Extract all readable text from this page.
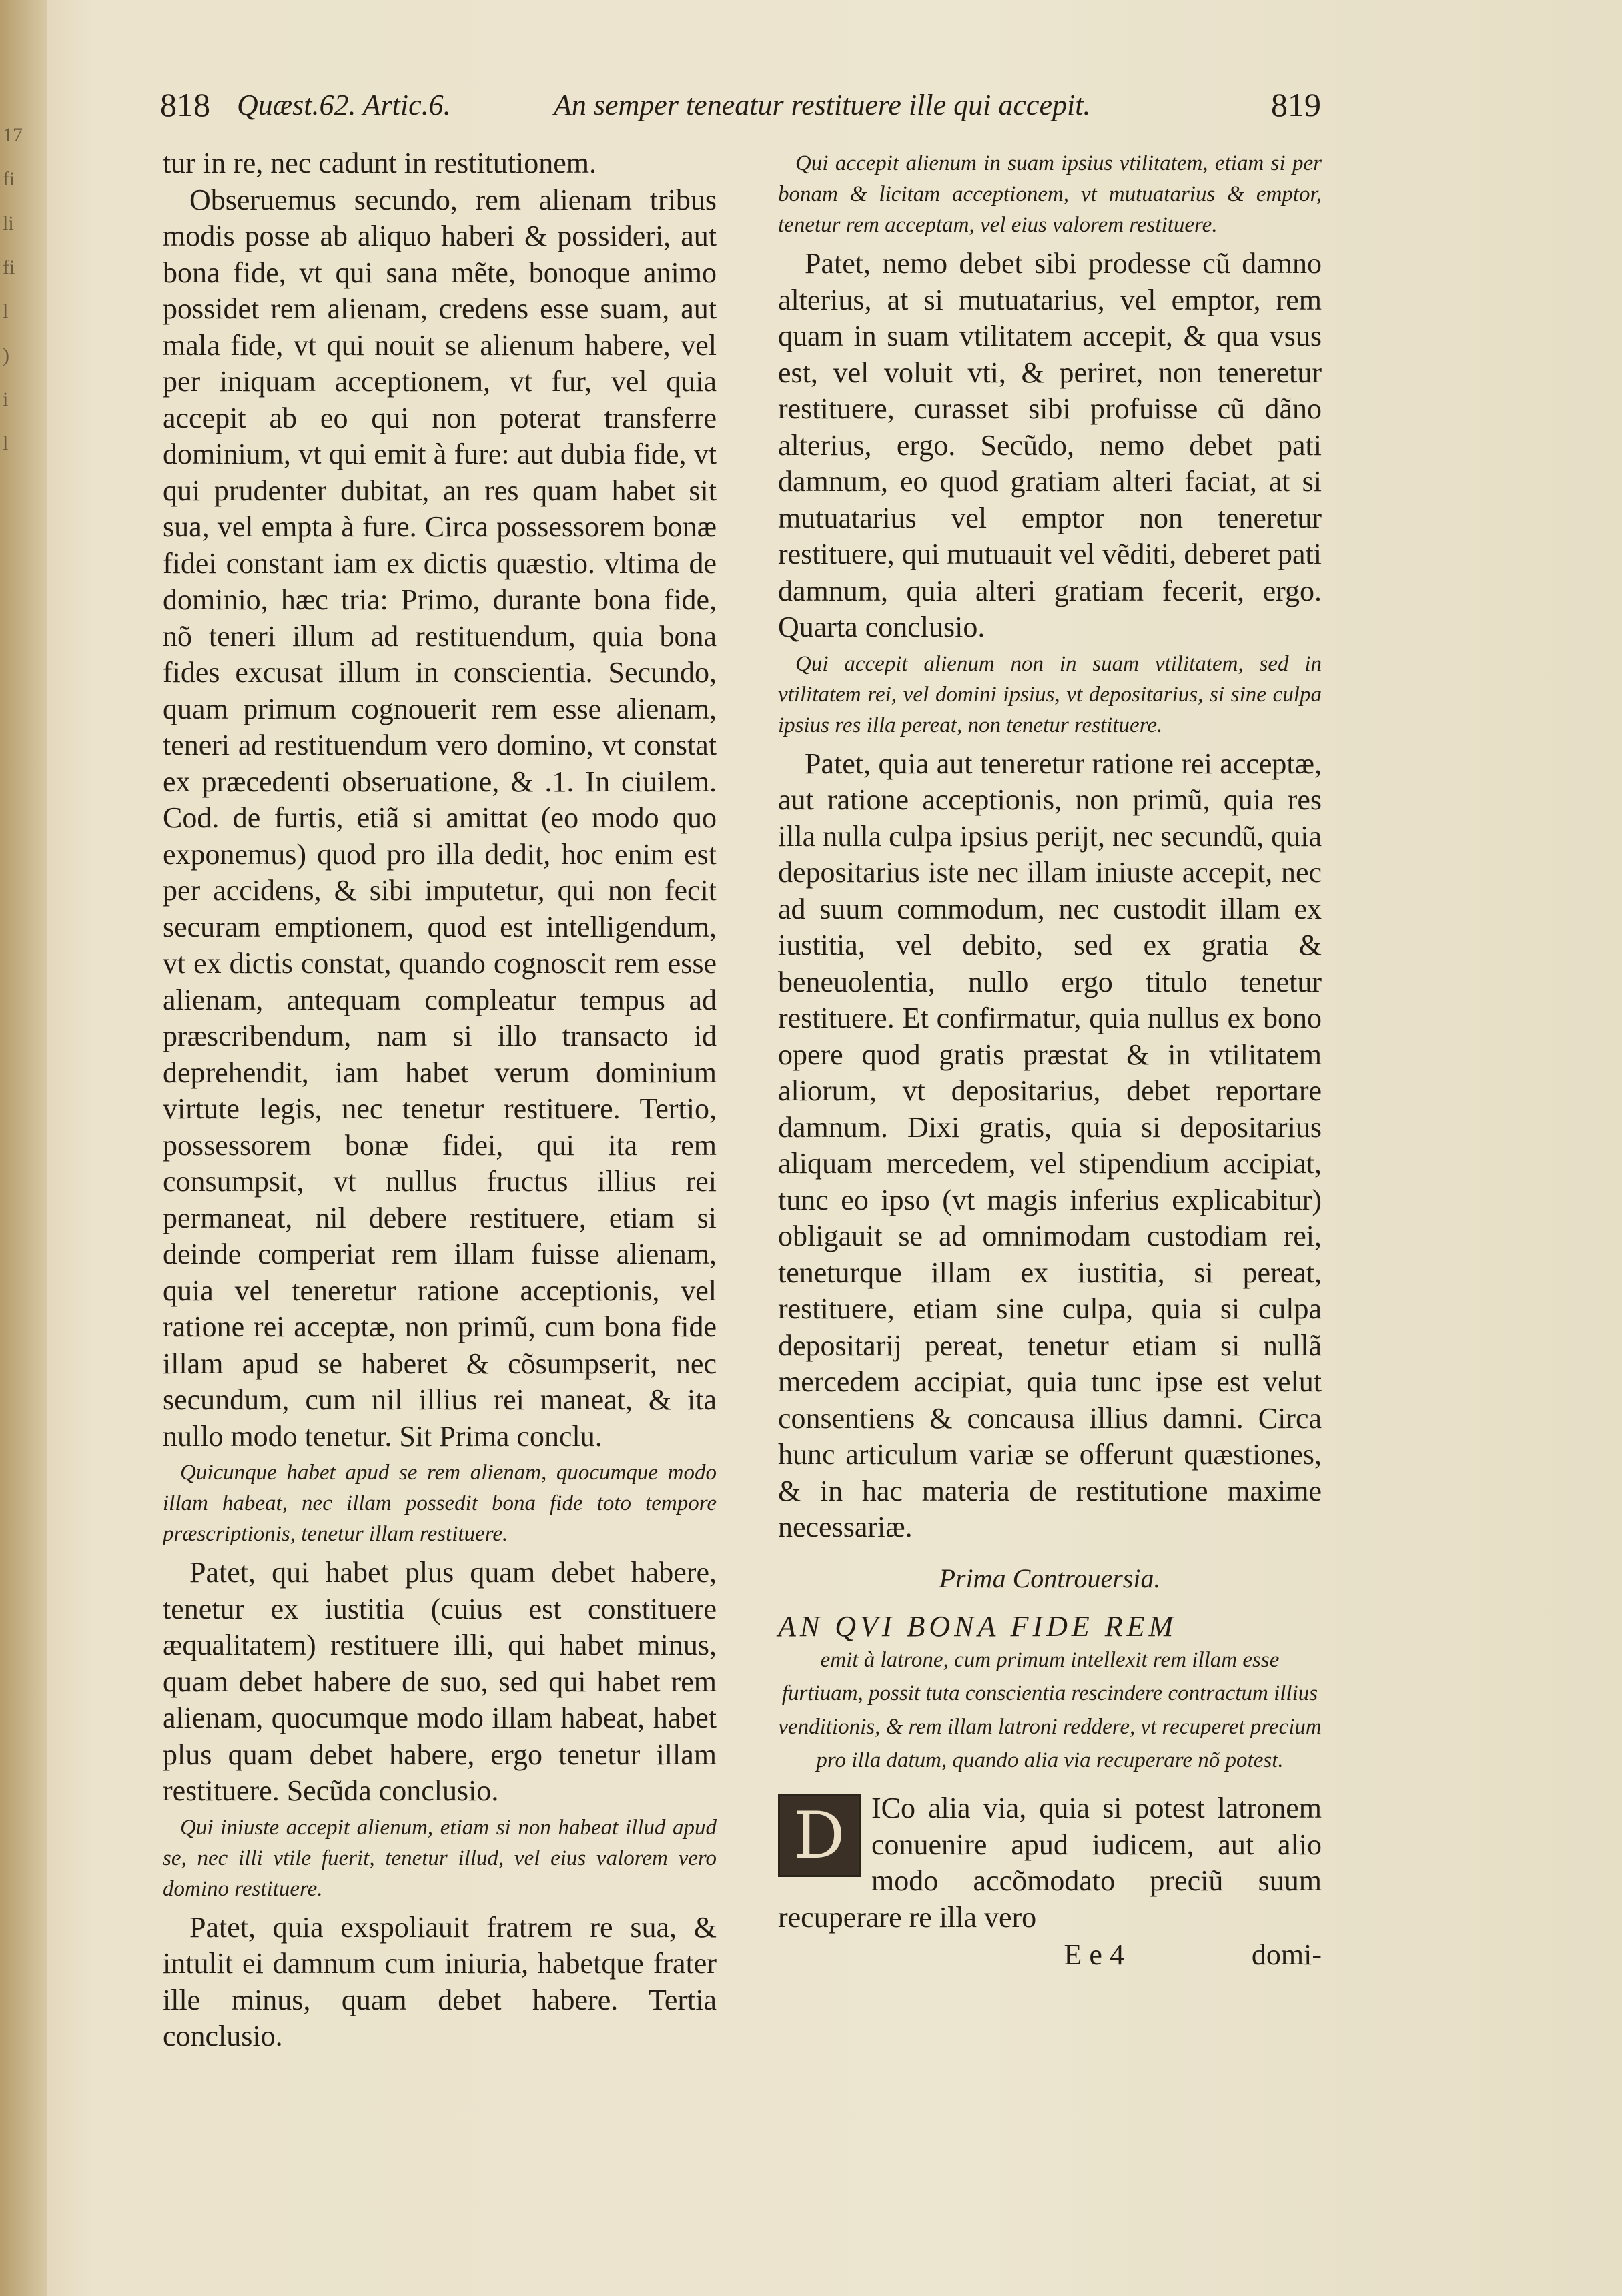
17
fi
li
fi
l
)
i
l
818 Quæst.62. Artic.6.	An semper teneatur restituere ille qui accepit.	819

tur in re, nec cadunt in restitutionem.

Obseruemus secundo, rem alienam tribus modis posse ab aliquo haberi & possideri, aut bona fide, vt qui sana mẽte, bonoque animo possidet rem alienam, credens esse suam, aut mala fide, vt qui nouit se alienum habere, vel per iniquam acceptionem, vt fur, vel quia accepit ab eo qui non poterat transferre dominium, vt qui emit à fure: aut dubia fide, vt qui prudenter dubitat, an res quam habet sit sua, vel empta à fure. Circa possessorem bonæ fidei constant iam ex dictis quæstio. vltima de dominio, hæc tria: Primo, durante bona fide, nõ teneri illum ad restituendum, quia bona fides excusat illum in conscientia. Secundo, quam primum cognouerit rem esse alienam, teneri ad restituendum vero domino, vt constat ex præcedenti obseruatione, & .1. In ciuilem. Cod. de furtis, etiã si amittat (eo modo quo exponemus) quod pro illa dedit, hoc enim est per accidens, & sibi imputetur, qui non fecit securam emptionem, quod est intelligendum, vt ex dictis constat, quando cognoscit rem esse alienam, antequam compleatur tempus ad præscribendum, nam si illo transacto id deprehendit, iam habet verum dominium virtute legis, nec tenetur restituere. Tertio, possessorem bonæ fidei, qui ita rem consumpsit, vt nullus fructus illius rei permaneat, nil debere restituere, etiam si deinde comperiat rem illam fuisse alienam, quia vel teneretur ratione acceptionis, vel ratione rei acceptæ, non primũ, cum bona fide illam apud se haberet & cõsumpserit, nec secundum, cum nil illius rei maneat, & ita nullo modo tenetur. Sit Prima conclu.

Quicunque habet apud se rem alienam, quocumque modo illam habeat, nec illam possedit bona fide toto tempore præscriptionis, tenetur illam restituere.

Patet, qui habet plus quam debet habere, tenetur ex iustitia (cuius est constituere æqualitatem) restituere illi, qui habet minus, quam debet habere de suo, sed qui habet rem alienam, quocumque modo illam habeat, habet plus quam debet habere, ergo tenetur illam restituere. Secũda conclusio.

Qui iniuste accepit alienum, etiam si non habeat illud apud se, nec illi vtile fuerit, tenetur illud, vel eius valorem vero domino restituere.

Patet, quia exspoliauit fratrem re sua, & intulit ei damnum cum iniuria, habetque frater ille minus, quam debet habere. Tertia conclusio.

Qui accepit alienum in suam ipsius vtilitatem, etiam si per bonam & licitam acceptionem, vt mutuatarius & emptor, tenetur rem acceptam, vel eius valorem restituere.

Patet, nemo debet sibi prodesse cũ damno alterius, at si mutuatarius, vel emptor, rem quam in suam vtilitatem accepit, & qua vsus est, vel voluit vti, & periret, non teneretur restituere, curasset sibi profuisse cũ dãno alterius, ergo. Secũdo, nemo debet pati damnum, eo quod gratiam alteri faciat, at si mutuatarius vel emptor non teneretur restituere, qui mutuauit vel vẽditi, deberet pati damnum, quia alteri gratiam fecerit, ergo. Quarta conclusio.

Qui accepit alienum non in suam vtilitatem, sed in vtilitatem rei, vel domini ipsius, vt depositarius, si sine culpa ipsius res illa pereat, non tenetur restituere.

Patet, quia aut teneretur ratione rei acceptæ, aut ratione acceptionis, non primũ, quia res illa nulla culpa ipsius perijt, nec secundũ, quia depositarius iste nec illam iniuste accepit, nec ad suum commodum, nec custodit illam ex iustitia, vel debito, sed ex gratia & beneuolentia, nullo ergo titulo tenetur restituere. Et confirmatur, quia nullus ex bono opere quod gratis præstat & in vtilitatem aliorum, vt depositarius, debet reportare damnum. Dixi gratis, quia si depositarius aliquam mercedem, vel stipendium accipiat, tunc eo ipso (vt magis inferius explicabitur) obligauit se ad omnimodam custodiam rei, teneturque illam ex iustitia, si pereat, restituere, etiam sine culpa, quia si culpa depositarij pereat, tenetur etiam si nullã mercedem accipiat, quia tunc ipse est velut consentiens & concausa illius damni. Circa hunc articulum variæ se offerunt quæstiones, & in hac materia de restitutione maxime necessariæ.

Prima Controuersia.

AN QVI BONA FIDE REM
emit à latrone, cum primum intellexit rem illam esse furtiuam, possit tuta conscientia rescindere contractum illius venditionis, & rem illam latroni reddere, vt recuperet precium pro illa datum, quando alia via recuperare nõ potest.

D ICo alia via, quia si potest latronem conuenire apud iudicem, aut alio modo accõmodato preciũ suum recuperare re illa vero

E e 4	domi-
